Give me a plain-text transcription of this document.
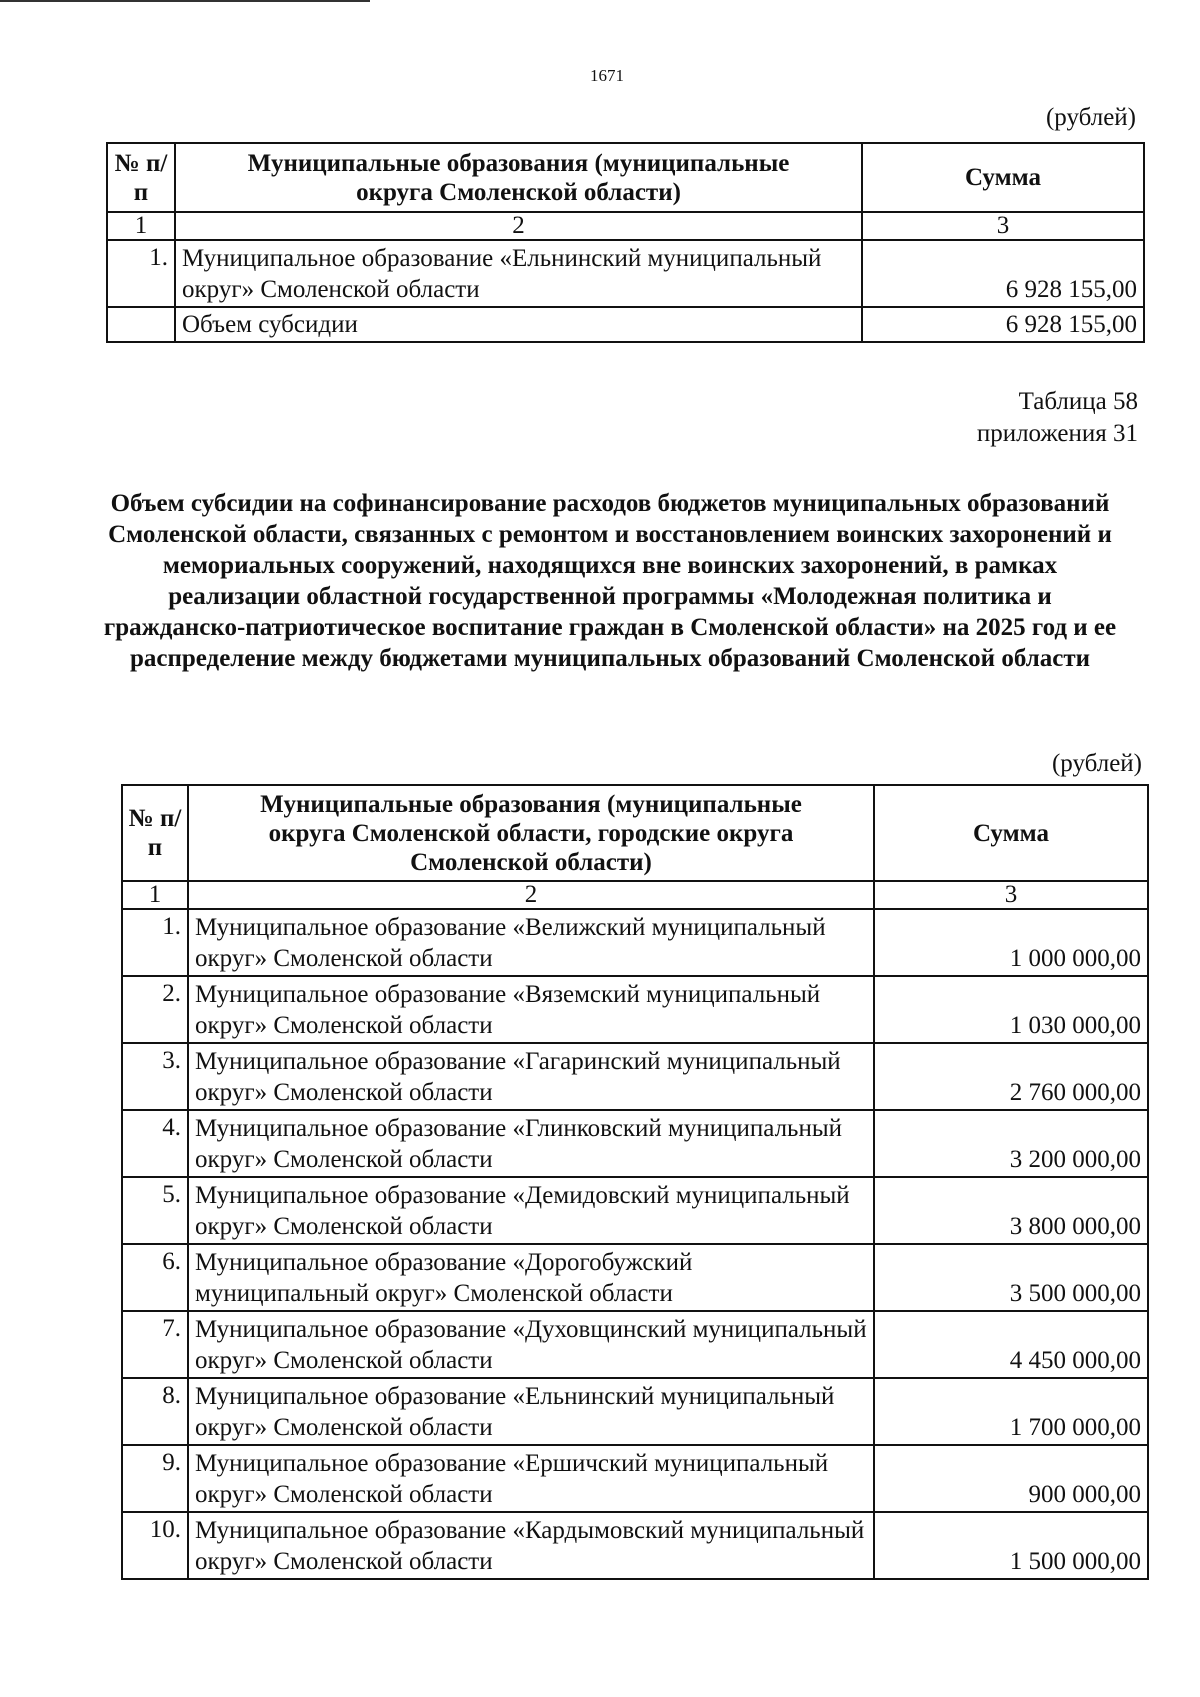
1671
(рублей)
№ п/п	Муниципальные образования (муниципальные округа Смоленской области)	Сумма
1	2	3
1.	Муниципальное образование «Ельнинский муниципальный округ» Смоленской области	6 928 155,00
	Объем субсидии	6 928 155,00
Таблица 58
приложения 31
Объем субсидии на софинансирование расходов бюджетов муниципальных образований Смоленской области, связанных с ремонтом и восстановлением воинских захоронений и мемориальных сооружений, находящихся вне воинских захоронений, в рамках реализации областной государственной программы «Молодежная политика и гражданско-патриотическое воспитание граждан в Смоленской области» на 2025 год и ее распределение между бюджетами муниципальных образований Смоленской области
(рублей)
№ п/п	Муниципальные образования (муниципальные округа Смоленской области, городские округа Смоленской области)	Сумма
1	2	3
1.	Муниципальное образование «Велижский муниципальный округ» Смоленской области	1 000 000,00
2.	Муниципальное образование «Вяземский муниципальный округ» Смоленской области	1 030 000,00
3.	Муниципальное образование «Гагаринский муниципальный округ» Смоленской области	2 760 000,00
4.	Муниципальное образование «Глинковский муниципальный округ» Смоленской области	3 200 000,00
5.	Муниципальное образование «Демидовский муниципальный округ» Смоленской области	3 800 000,00
6.	Муниципальное образование «Дорогобужский муниципальный округ» Смоленской области	3 500 000,00
7.	Муниципальное образование «Духовщинский муниципальный округ» Смоленской области	4 450 000,00
8.	Муниципальное образование «Ельнинский муниципальный округ» Смоленской области	1 700 000,00
9.	Муниципальное образование «Ершичский муниципальный округ» Смоленской области	900 000,00
10.	Муниципальное образование «Кардымовский муниципальный округ» Смоленской области	1 500 000,00
